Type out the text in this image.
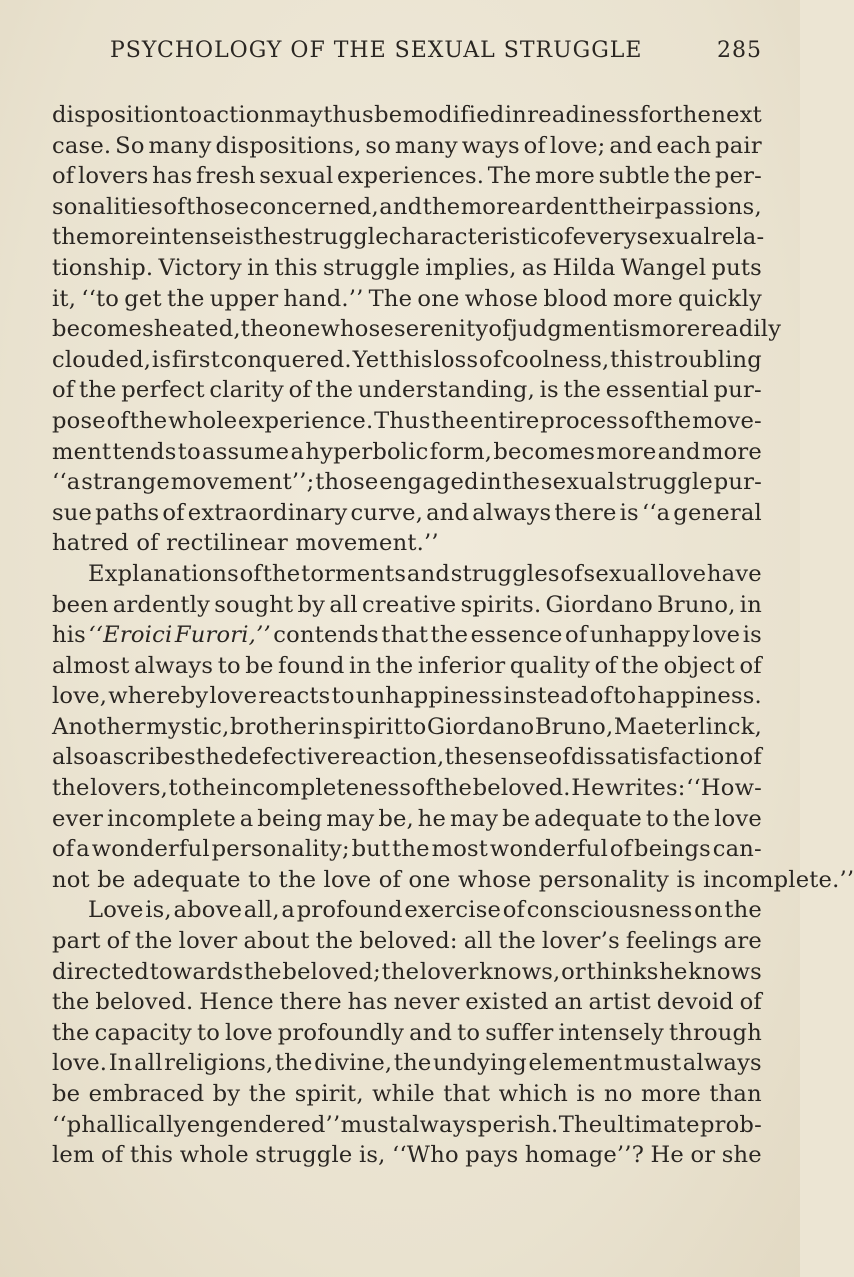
PSYCHOLOGY OF THE SEXUAL STRUGGLE	285
disposition to action may thus be modified in readiness for the next
case. So many dispositions, so many ways of love; and each pair
of lovers has fresh sexual experiences. The more subtle the per-
sonalities of those concerned, and the more ardent their passions,
the more intense is the struggle characteristic of every sexual rela-
tionship. Victory in this struggle implies, as Hilda Wangel puts
it, ‘‘to get the upper hand.’’ The one whose blood more quickly
becomes heated, the one whose serenity of judgment is more readily
clouded, is first conquered. Yet this loss of coolness, this troubling
of the perfect clarity of the understanding, is the essential pur-
pose of the whole experience. Thus the entire process of the move-
ment tends to assume a hyperbolic form, becomes more and more
‘‘a strange movement’’; those engaged in the sexual struggle pur-
sue paths of extraordinary curve, and always there is ‘‘a general
hatred of rectilinear movement.’’
Explanations of the torments and struggles of sexual love have
been ardently sought by all creative spirits. Giordano Bruno, in
his ‘‘Eroici Furori,’’ contends that the essence of unhappy love is
almost always to be found in the inferior quality of the object of
love, whereby love reacts to unhappiness instead of to happiness.
Another mystic, brother in spirit to Giordano Bruno, Maeterlinck,
also ascribes the defective reaction, the sense of dissatisfaction of
the lovers, to the incompleteness of the beloved. He writes: ‘‘How-
ever incomplete a being may be, he may be adequate to the love
of a wonderful personality; but the most wonderful of beings can-
not be adequate to the love of one whose personality is incomplete.’’
Love is, above all, a profound exercise of consciousness on the
part of the lover about the beloved: all the lover’s feelings are
directed towards the beloved; the lover knows, or thinks he knows
the beloved. Hence there has never existed an artist devoid of
the capacity to love profoundly and to suffer intensely through
love. In all religions, the divine, the undying element must always
be embraced by the spirit, while that which is no more than
‘‘phallically engendered’’ must always perish. The ultimate prob-
lem of this whole struggle is, ‘‘Who pays homage’’? He or she
